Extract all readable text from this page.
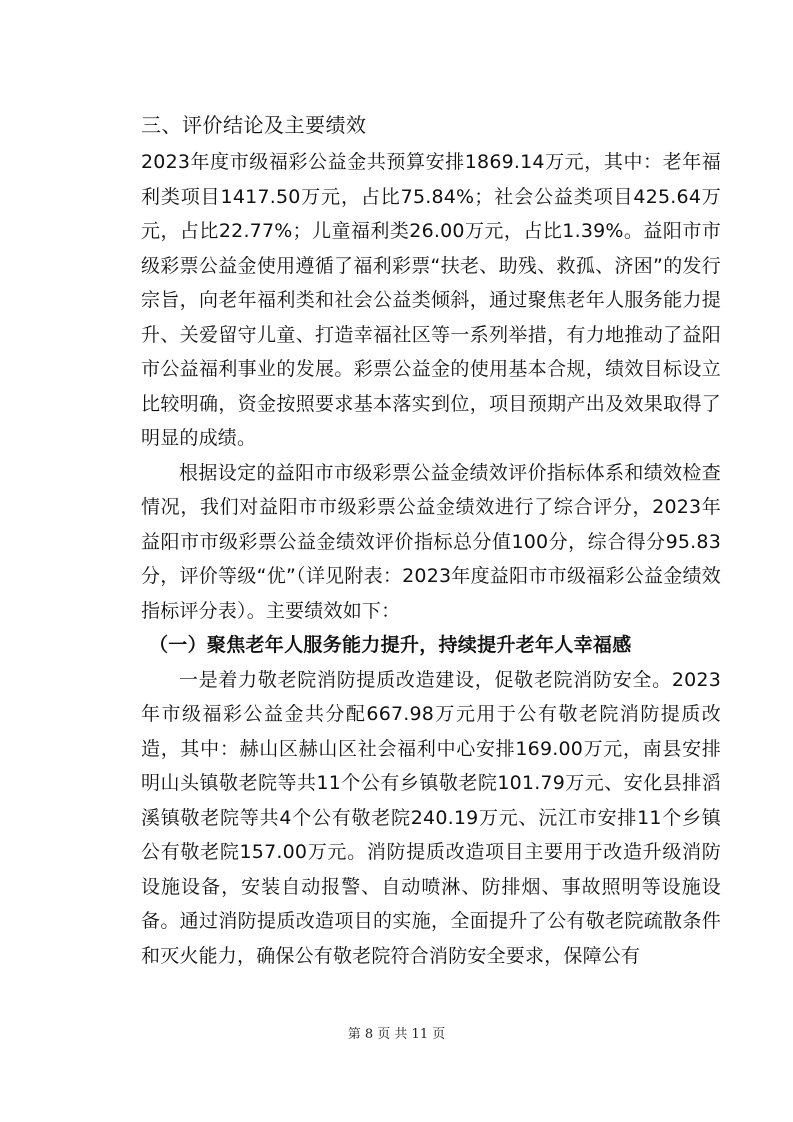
三、评价结论及主要绩效

2023年度市级福彩公益金共预算安排1869.14万元，其中：老年福利类项目1417.50万元，占比75.84%；社会公益类项目425.64万元，占比22.77%；儿童福利类26.00万元，占比1.39%。益阳市市级彩票公益金使用遵循了福利彩票“扶老、助残、救孤、济困”的发行宗旨，向老年福利类和社会公益类倾斜，通过聚焦老年人服务能力提升、关爱留守儿童、打造幸福社区等一系列举措，有力地推动了益阳市公益福利事业的发展。彩票公益金的使用基本合规，绩效目标设立比较明确，资金按照要求基本落实到位，项目预期产出及效果取得了明显的成绩。

根据设定的益阳市市级彩票公益金绩效评价指标体系和绩效检查情况，我们对益阳市市级彩票公益金绩效进行了综合评分，2023年益阳市市级彩票公益金绩效评价指标总分值100分，综合得分95.83分，评价等级“优”（详见附表：2023年度益阳市市级福彩公益金绩效指标评分表）。主要绩效如下：

（一）聚焦老年人服务能力提升，持续提升老年人幸福感

一是着力敬老院消防提质改造建设，促敬老院消防安全。2023年市级福彩公益金共分配667.98万元用于公有敬老院消防提质改造，其中：赫山区赫山区社会福利中心安排169.00万元，南县安排明山头镇敬老院等共11个公有乡镇敬老院101.79万元、安化县排滔溪镇敬老院等共4个公有敬老院240.19万元、沅江市安排11个乡镇公有敬老院157.00万元。消防提质改造项目主要用于改造升级消防设施设备，安装自动报警、自动喷淋、防排烟、事故照明等设施设备。通过消防提质改造项目的实施，全面提升了公有敬老院疏散条件和灭火能力，确保公有敬老院符合消防安全要求，保障公有

第 8 页 共 11 页
